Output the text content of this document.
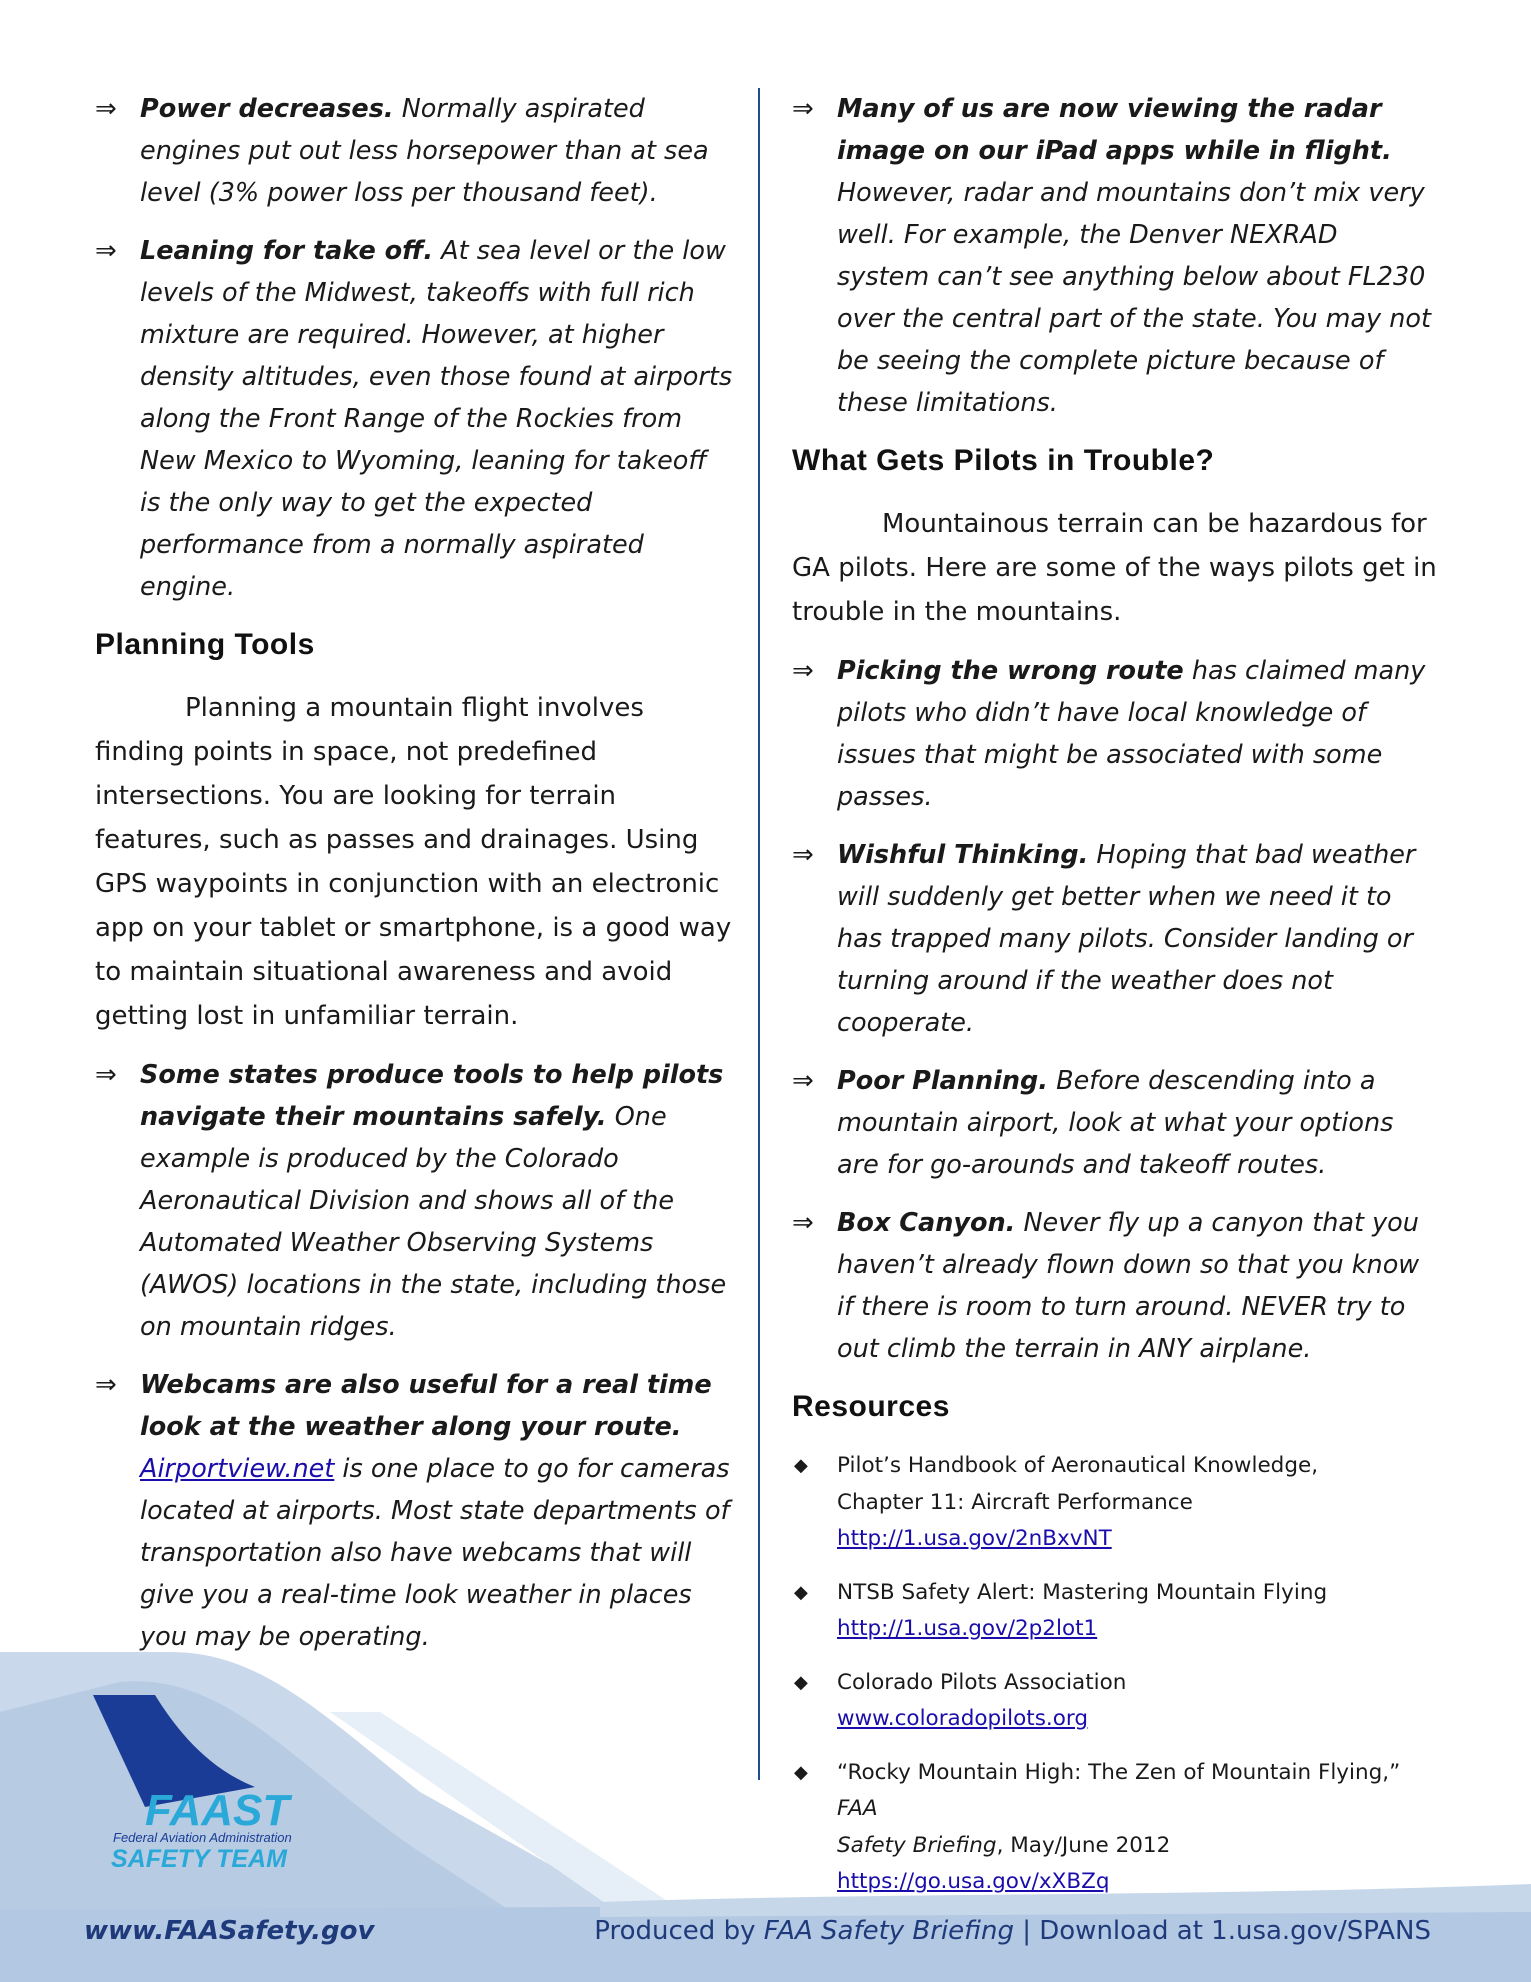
FAAST
Federal Aviation Administration
SAFETY TEAM
www.FAASafety.gov	Produced by FAA Safety Briefing | Download at 1.usa.gov/SPANS
⇒ Power decreases. Normally aspirated engines put out less horsepower than at sea level (3% power loss per thousand feet).
⇒ Leaning for take off. At sea level or the low levels of the Midwest, takeoffs with full rich mixture are required. However, at higher density altitudes, even those found at airports along the Front Range of the Rockies from New Mexico to Wyoming, leaning for takeoff is the only way to get the expected performance from a normally aspirated engine.
Planning Tools
Planning a mountain flight involves finding points in space, not predefined intersections. You are looking for terrain features, such as passes and drainages. Using GPS waypoints in conjunction with an electronic app on your tablet or smartphone, is a good way to maintain situational awareness and avoid getting lost in unfamiliar terrain.
⇒ Some states produce tools to help pilots navigate their mountains safely. One example is produced by the Colorado Aeronautical Division and shows all of the Automated Weather Observing Systems (AWOS) locations in the state, including those on mountain ridges.
⇒ Webcams are also useful for a real time look at the weather along your route. Airportview.net is one place to go for cameras located at airports. Most state departments of transportation also have webcams that will give you a real-time look weather in places you may be operating.
⇒ Many of us are now viewing the radar image on our iPad apps while in flight. However, radar and mountains don’t mix very well. For example, the Denver NEXRAD system can’t see anything below about FL230 over the central part of the state. You may not be seeing the complete picture because of these limitations.
What Gets Pilots in Trouble?
Mountainous terrain can be hazardous for GA pilots. Here are some of the ways pilots get in trouble in the mountains.
⇒ Picking the wrong route has claimed many pilots who didn’t have local knowledge of issues that might be associated with some passes.
⇒ Wishful Thinking. Hoping that bad weather will suddenly get better when we need it to has trapped many pilots. Consider landing or turning around if the weather does not cooperate.
⇒ Poor Planning. Before descending into a mountain airport, look at what your options are for go-arounds and takeoff routes.
⇒ Box Canyon. Never fly up a canyon that you haven’t already flown down so that you know if there is room to turn around. NEVER try to out climb the terrain in ANY airplane.
Resources
◆ Pilot’s Handbook of Aeronautical Knowledge,
Chapter 11: Aircraft Performance
http://1.usa.gov/2nBxvNT
◆ NTSB Safety Alert: Mastering Mountain Flying
http://1.usa.gov/2p2lot1
◆ Colorado Pilots Association
www.coloradopilots.org
◆ “Rocky Mountain High: The Zen of Mountain Flying,” FAA
Safety Briefing, May/June 2012
https://go.usa.gov/xXBZq
